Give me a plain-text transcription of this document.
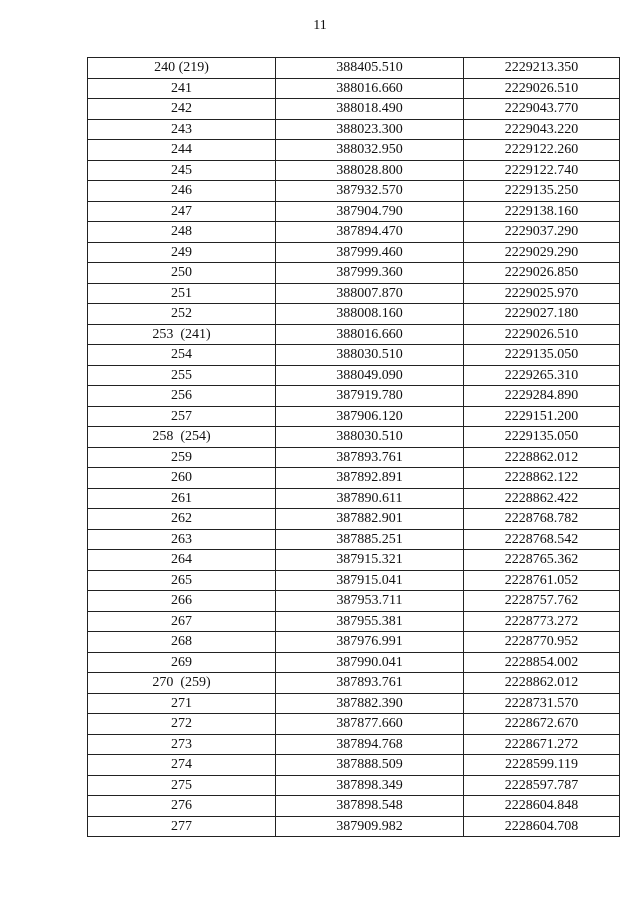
11
240 (219)	388405.510	2229213.350
241	388016.660	2229026.510
242	388018.490	2229043.770
243	388023.300	2229043.220
244	388032.950	2229122.260
245	388028.800	2229122.740
246	387932.570	2229135.250
247	387904.790	2229138.160
248	387894.470	2229037.290
249	387999.460	2229029.290
250	387999.360	2229026.850
251	388007.870	2229025.970
252	388008.160	2229027.180
253  (241)	388016.660	2229026.510
254	388030.510	2229135.050
255	388049.090	2229265.310
256	387919.780	2229284.890
257	387906.120	2229151.200
258  (254)	388030.510	2229135.050
259	387893.761	2228862.012
260	387892.891	2228862.122
261	387890.611	2228862.422
262	387882.901	2228768.782
263	387885.251	2228768.542
264	387915.321	2228765.362
265	387915.041	2228761.052
266	387953.711	2228757.762
267	387955.381	2228773.272
268	387976.991	2228770.952
269	387990.041	2228854.002
270  (259)	387893.761	2228862.012
271	387882.390	2228731.570
272	387877.660	2228672.670
273	387894.768	2228671.272
274	387888.509	2228599.119
275	387898.349	2228597.787
276	387898.548	2228604.848
277	387909.982	2228604.708
